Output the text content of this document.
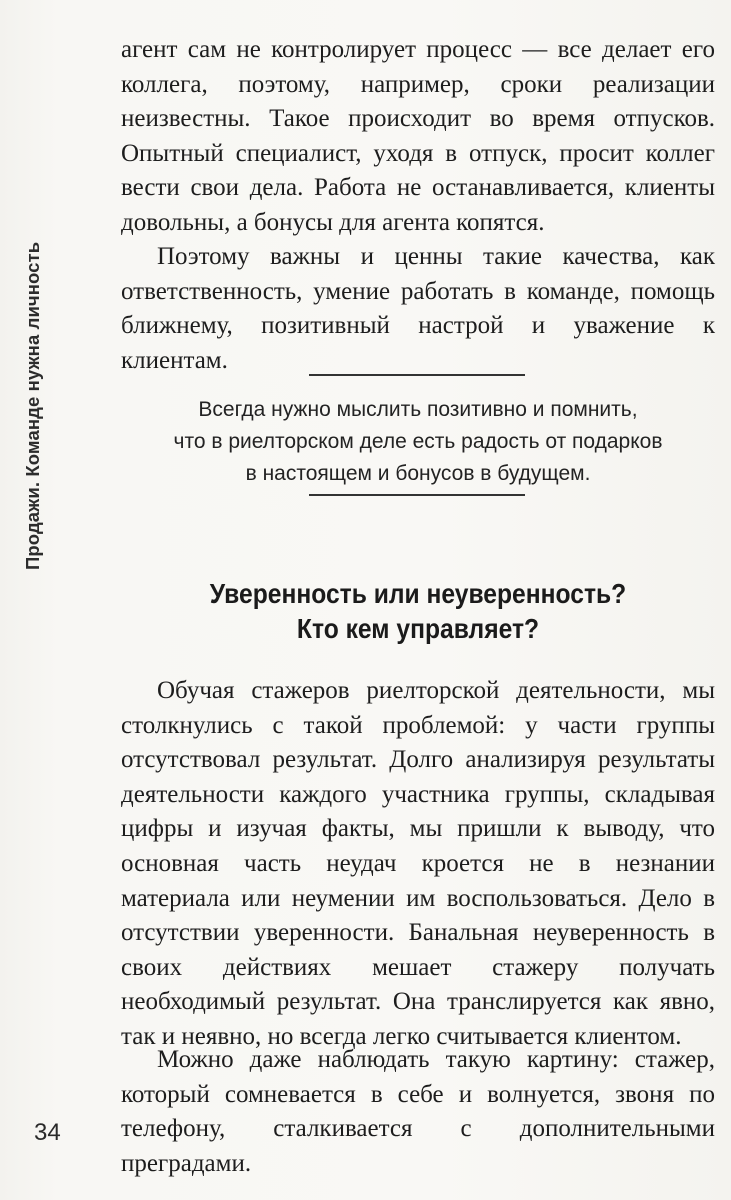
Продажи. Команде нужна личность

агент сам не контролирует процесс — все делает его коллега, поэтому, например, сроки реализации неизвестны. Такое происходит во время отпусков. Опытный специалист, уходя в отпуск, просит коллег вести свои дела. Работа не останавливается, клиенты довольны, а бонусы для агента копятся.

Поэтому важны и ценны такие качества, как ответственность, умение работать в команде, помощь ближнему, позитивный настрой и уважение к клиентам.

Всегда нужно мыслить позитивно и помнить,
что в риелторском деле есть радость от подарков
в настоящем и бонусов в будущем.
Уверенность или неуверенность?
Кто кем управляет?

Обучая стажеров риелторской деятельности, мы столкнулись с такой проблемой: у части группы отсутствовал результат. Долго анализируя результаты деятельности каждого участника группы, складывая цифры и изучая факты, мы пришли к выводу, что основная часть неудач кроется не в незнании материала или неумении им воспользоваться. Дело в отсутствии уверенности. Банальная неуверенность в своих действиях мешает стажеру получать необходимый результат. Она транслируется как явно, так и неявно, но всегда легко считывается клиентом.

Можно даже наблюдать такую картину: стажер, который сомневается в себе и волнуется, звоня по телефону, сталкивается с дополнительными преградами.

34
